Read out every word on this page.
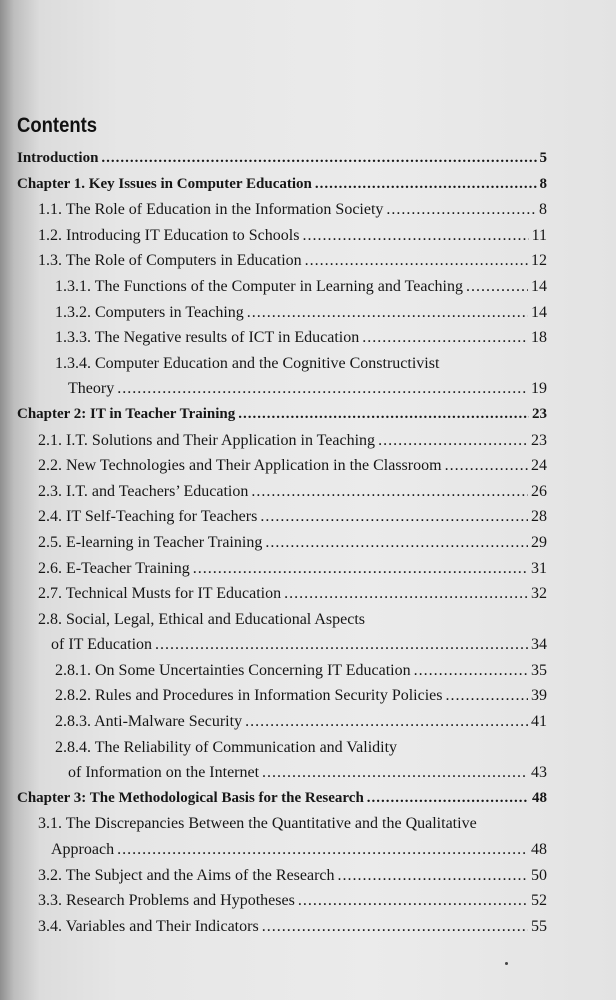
Contents
Introduction .....	5
Chapter 1. Key Issues in Computer Education .....	8
1.1. The Role of Education in the Information Society .....	8
1.2. Introducing IT Education to Schools .....	11
1.3. The Role of Computers in Education .....	12
1.3.1. The Functions of the Computer in Learning and Teaching .....	14
1.3.2. Computers in Teaching .....	14
1.3.3. The Negative results of ICT in Education .....	18
1.3.4. Computer Education and the Cognitive Constructivist
Theory .....	19
Chapter 2: IT in Teacher Training .....	23
2.1. I.T. Solutions and Their Application in Teaching .....	23
2.2. New Technologies and Their Application in the Classroom .....	24
2.3. I.T. and Teachers’ Education .....	26
2.4. IT Self-Teaching for Teachers .....	28
2.5. E-learning in Teacher Training .....	29
2.6. E-Teacher Training .....	31
2.7. Technical Musts for IT Education .....	32
2.8. Social, Legal, Ethical and Educational Aspects
of IT Education .....	34
2.8.1. On Some Uncertainties Concerning IT Education .....	35
2.8.2. Rules and Procedures in Information Security Policies .....	39
2.8.3. Anti-Malware Security .....	41
2.8.4. The Reliability of Communication and Validity
of Information on the Internet .....	43
Chapter 3: The Methodological Basis for the Research .....	48
3.1. The Discrepancies Between the Quantitative and the Qualitative
Approach .....	48
3.2. The Subject and the Aims of the Research .....	50
3.3. Research Problems and Hypotheses .....	52
3.4. Variables and Their Indicators .....	55
